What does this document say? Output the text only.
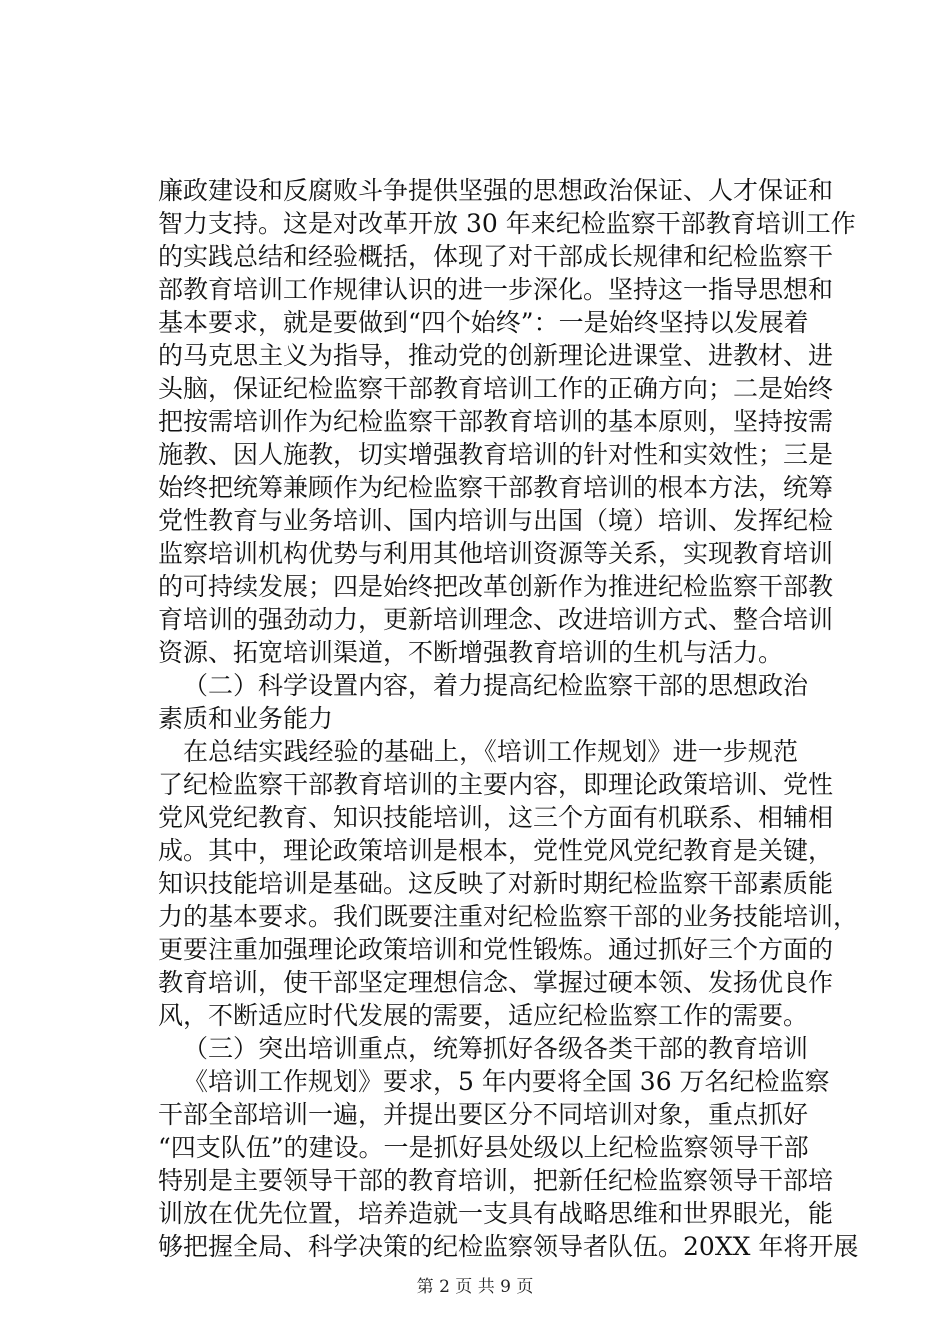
廉政建设和反腐败斗争提供坚强的思想政治保证、人才保证和
智力支持。这是对改革开放 30 年来纪检监察干部教育培训工作
的实践总结和经验概括，体现了对干部成长规律和纪检监察干
部教育培训工作规律认识的进一步深化。坚持这一指导思想和
基本要求，就是要做到“四个始终”：一是始终坚持以发展着
的马克思主义为指导，推动党的创新理论进课堂、进教材、进
头脑，保证纪检监察干部教育培训工作的正确方向；二是始终
把按需培训作为纪检监察干部教育培训的基本原则，坚持按需
施教、因人施教，切实增强教育培训的针对性和实效性；三是
始终把统筹兼顾作为纪检监察干部教育培训的根本方法，统筹
党性教育与业务培训、国内培训与出国（境）培训、发挥纪检
监察培训机构优势与利用其他培训资源等关系，实现教育培训
的可持续发展；四是始终把改革创新作为推进纪检监察干部教
育培训的强劲动力，更新培训理念、改进培训方式、整合培训
资源、拓宽培训渠道，不断增强教育培训的生机与活力。
（二）科学设置内容，着力提高纪检监察干部的思想政治
素质和业务能力
在总结实践经验的基础上，《培训工作规划》进一步规范
了纪检监察干部教育培训的主要内容，即理论政策培训、党性
党风党纪教育、知识技能培训，这三个方面有机联系、相辅相
成。其中，理论政策培训是根本，党性党风党纪教育是关键，
知识技能培训是基础。这反映了对新时期纪检监察干部素质能
力的基本要求。我们既要注重对纪检监察干部的业务技能培训，
更要注重加强理论政策培训和党性锻炼。通过抓好三个方面的
教育培训，使干部坚定理想信念、掌握过硬本领、发扬优良作
风，不断适应时代发展的需要，适应纪检监察工作的需要。
（三）突出培训重点，统筹抓好各级各类干部的教育培训
《培训工作规划》要求，5 年内要将全国 36 万名纪检监察
干部全部培训一遍，并提出要区分不同培训对象，重点抓好
“四支队伍”的建设。一是抓好县处级以上纪检监察领导干部
特别是主要领导干部的教育培训，把新任纪检监察领导干部培
训放在优先位置，培养造就一支具有战略思维和世界眼光，能
够把握全局、科学决策的纪检监察领导者队伍。20XX 年将开展
第 2 页 共 9 页
